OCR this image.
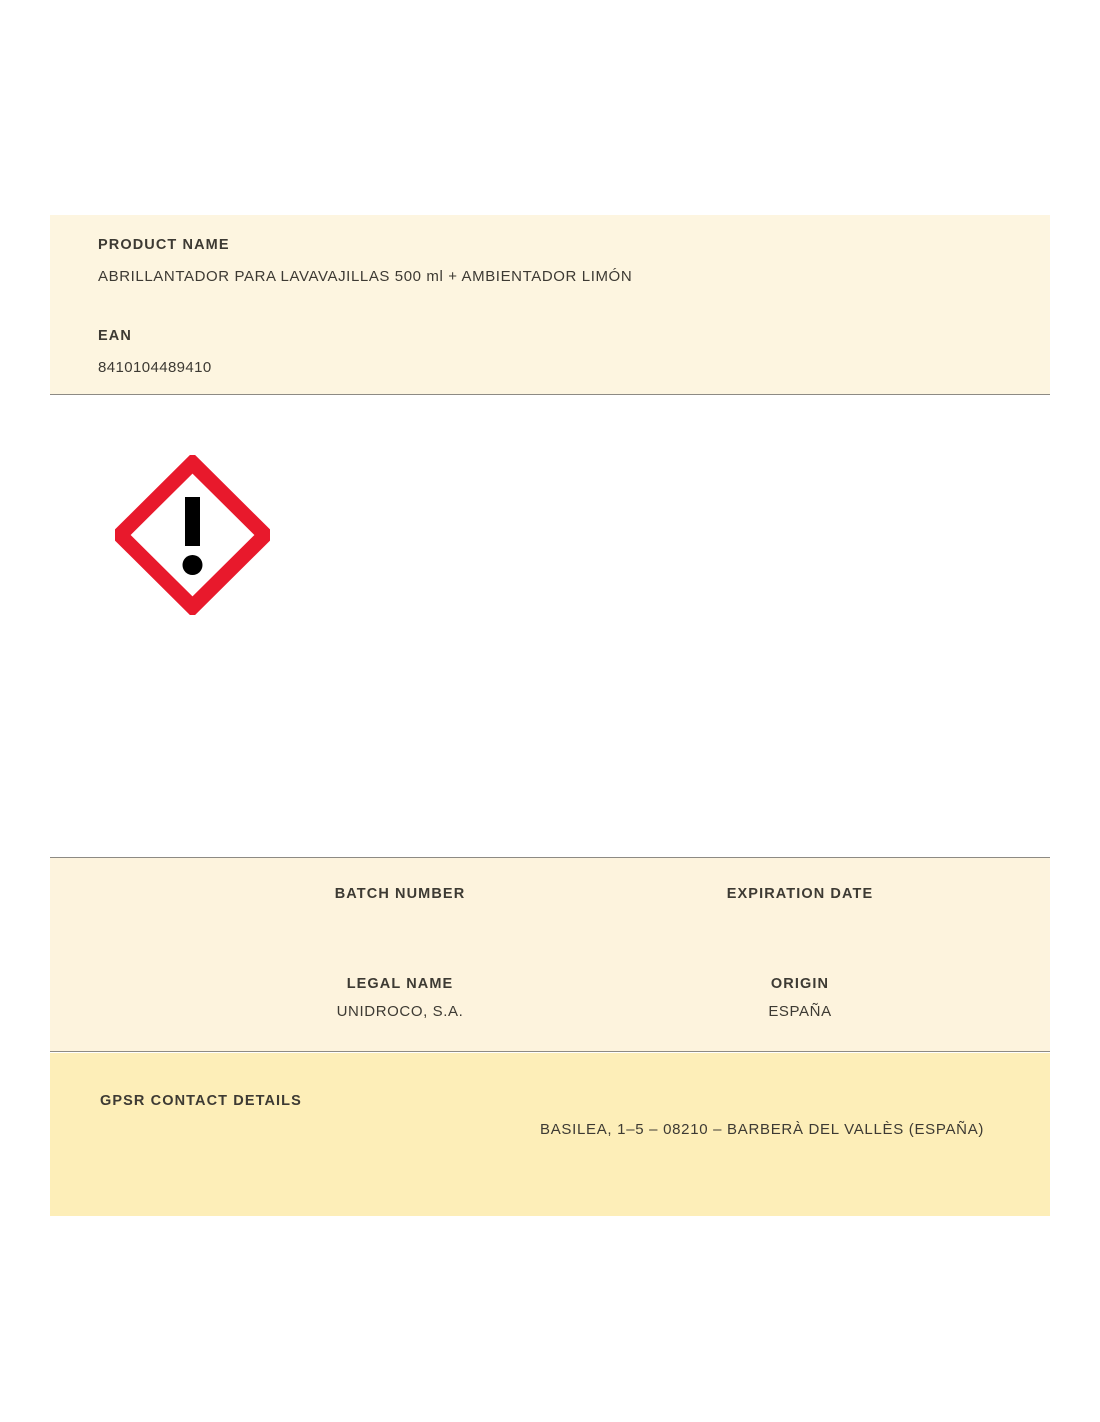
PRODUCT NAME
ABRILLANTADOR PARA LAVAVAJILLAS 500 ml + AMBIENTADOR LIMÓN
EAN
8410104489410
BATCH NUMBER	EXPIRATION DATE
LEGAL NAME
UNIDROCO, S.A.
ORIGIN
ESPAÑA
GPSR CONTACT DETAILS
BASILEA, 1–5 – 08210 – BARBERÀ DEL VALLÈS (ESPAÑA)
